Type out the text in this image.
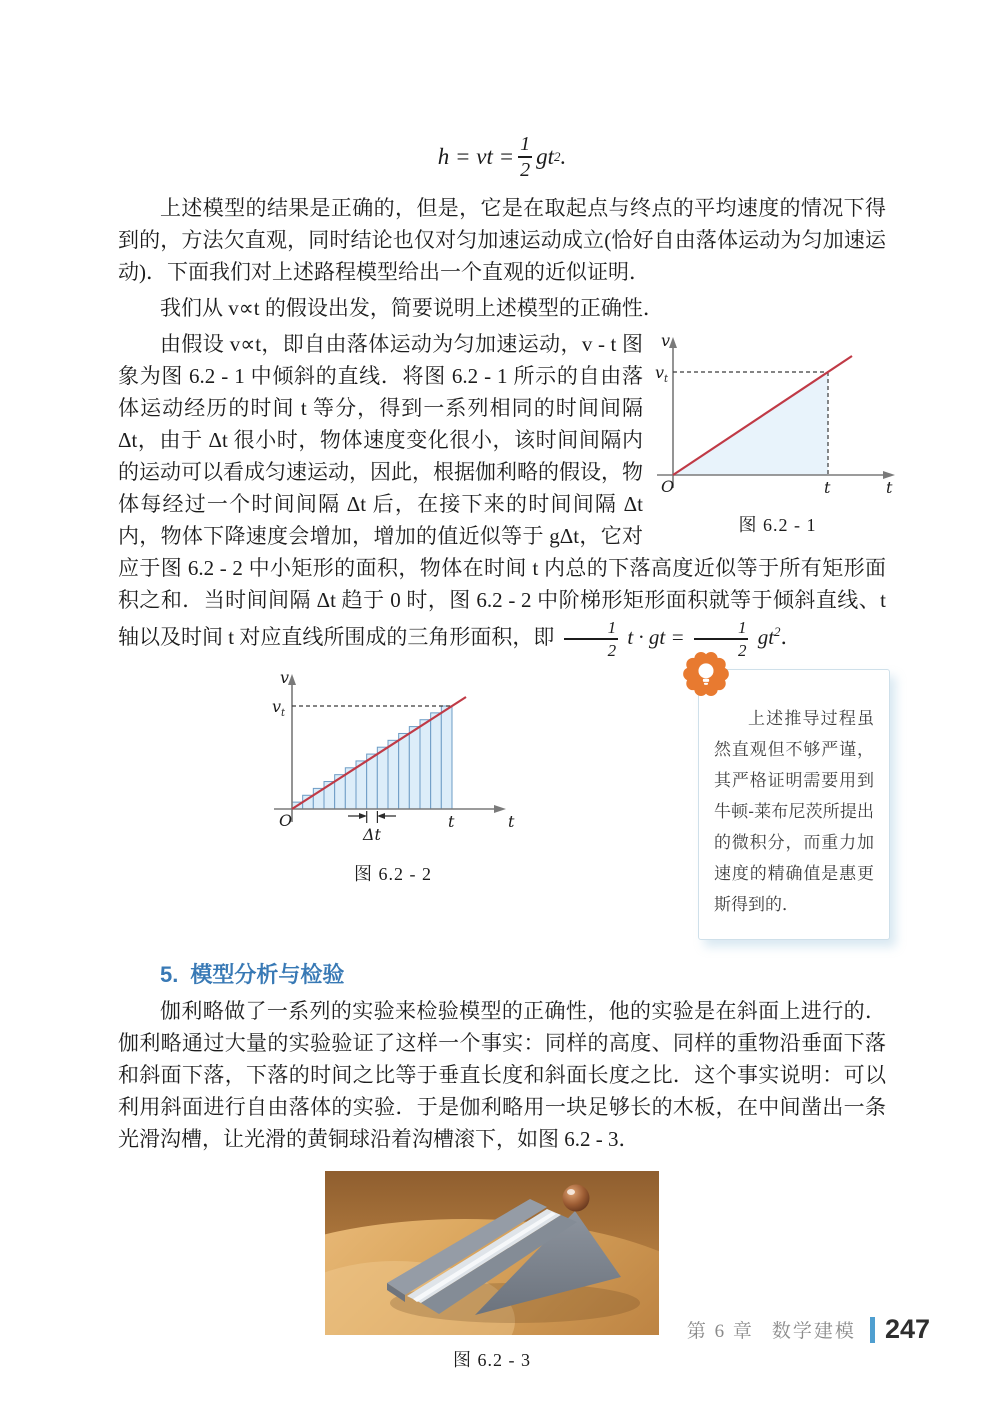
h = vt = $\frac{1}{2}$ gt 2 .
上述模型的结果是正确的，但是，它是在取起点与终点的平均速度的情况下得到的，方法欠直观，同时结论也仅对匀加速运动成立(恰好自由落体运动为匀加速运动)．下面我们对上述路程模型给出一个直观的近似证明．
我们从 v∝t 的假设出发，简要说明上述模型的正确性．
v
$v_t$
O	t	t
图 6.2 - 1
由假设 v∝t，即自由落体运动为匀加速运动，v - t 图象为图 6.2 - 1 中倾斜的直线．将图 6.2 - 1 所示的自由落体运动经历的时间 t 等分，得到一系列相同的时间间隔 Δt，由于 Δt 很小时，物体速度变化很小，该时间间隔内的运动可以看成匀速运动，因此，根据伽利略的假设，物体每经过一个时间间隔 Δt 后，在接下来的时间间隔 Δt 内，物体下降速度会增加，增加的值近似等于 gΔt，它对应于图 6.2 - 2 中小矩形的面积，物体在时间 t 内总的下落高度近似等于所有矩形面积之和．当时间间隔 Δt 趋于 0 时，图 6.2 - 2 中阶梯形矩形面积就等于倾斜直线、t 轴以及时间 t 对应直线所围成的三角形面积，即 $\frac{1}{2}$ t · gt = $\frac{1}{2} gt^2$．
Δt
v
$v_t$
O	t	t
图 6.2 - 2

上述推导过程虽然直观但不够严谨，其严格证明需要用到牛顿-莱布尼茨所提出的微积分，而重力加速度的精确值是惠更斯得到的．

5. 模型分析与检验
伽利略做了一系列的实验来检验模型的正确性，他的实验是在斜面上进行的．伽利略通过大量的实验验证了这样一个事实：同样的高度、同样的重物沿垂面下落和斜面下落，下落的时间之比等于垂直长度和斜面长度之比．这个事实说明：可以利用斜面进行自由落体的实验．于是伽利略用一块足够长的木板，在中间凿出一条光滑沟槽，让光滑的黄铜球沿着沟槽滚下，如图 6.2 - 3．
图 6.2 - 3
第 6 章 数学建模 247
